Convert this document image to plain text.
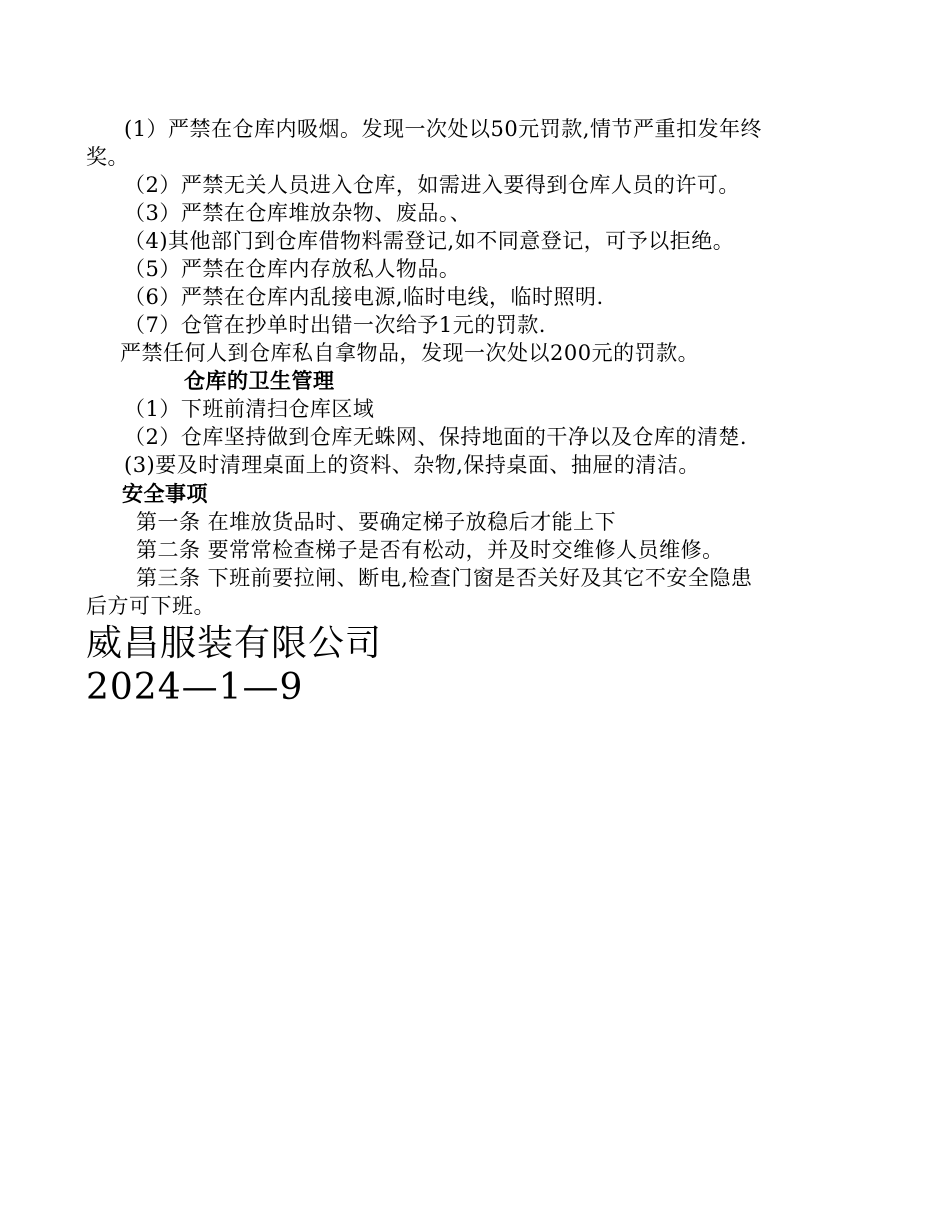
(1）严禁在仓库内吸烟。发现一次处以50元罚款,情节严重扣发年终
奖。
（2）严禁无关人员进入仓库，如需进入要得到仓库人员的许可。
（3）严禁在仓库堆放杂物、废品。、
（4)其他部门到仓库借物料需登记,如不同意登记，可予以拒绝。
（5）严禁在仓库内存放私人物品。
（6）严禁在仓库内乱接电源,临时电线，临时照明.
（7）仓管在抄单时出错一次给予1元的罚款.
严禁任何人到仓库私自拿物品，发现一次处以200元的罚款。
仓库的卫生管理
（1）下班前清扫仓库区域
（2）仓库坚持做到仓库无蛛网、保持地面的干净以及仓库的清楚.
(3)要及时清理桌面上的资料、杂物,保持桌面、抽屉的清洁。
安全事项
第一条 在堆放货品时、要确定梯子放稳后才能上下
第二条 要常常检查梯子是否有松动，并及时交维修人员维修。
第三条 下班前要拉闸、断电,检查门窗是否关好及其它不安全隐患
后方可下班。
威昌服装有限公司
2024—1—9
